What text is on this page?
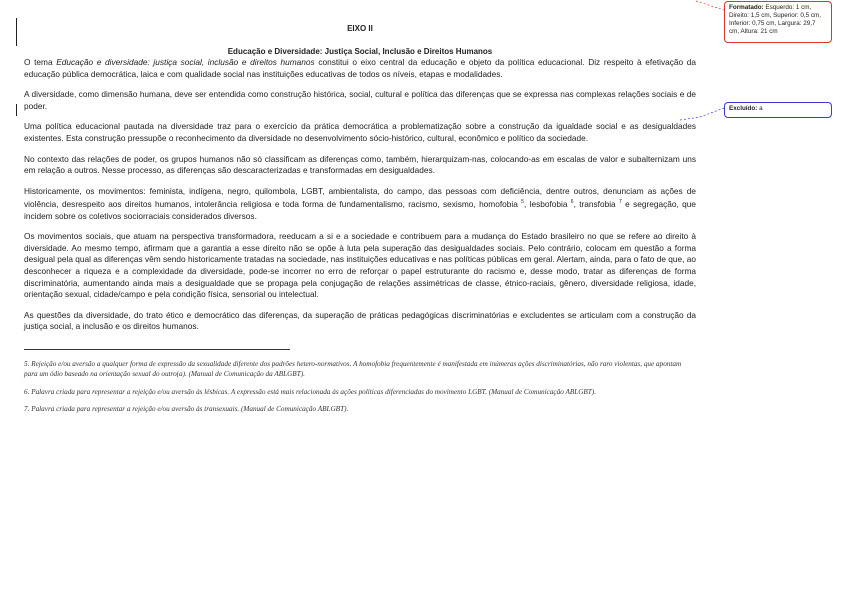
EIXO II
Educação e Diversidade: Justiça Social, Inclusão e Direitos Humanos

O tema Educação e diversidade: justiça social, inclusão e direitos humanos constitui o eixo central da educação e objeto da política educacional. Diz respeito à efetivação da educação pública democrática, laica e com qualidade social nas instituições educativas de todos os níveis, etapas e modalidades.

A diversidade, como dimensão humana, deve ser entendida como construção histórica, social, cultural e política das diferenças que se expressa nas complexas relações sociais e de poder.

Uma política educacional pautada na diversidade traz para o exercício da prática democrática a problematização sobre a construção da igualdade social e as desigualdades existentes. Esta construção pressupõe o reconhecimento da diversidade no desenvolvimento sócio-histórico, cultural, econômico e político da sociedade.

No contexto das relações de poder, os grupos humanos não só classificam as diferenças como, também, hierarquizam-nas, colocando-as em escalas de valor e subalternizam uns em relação a outros. Nesse processo, as diferenças são descaracterizadas e transformadas em desigualdades.

Historicamente, os movimentos: feminista, indígena, negro, quilombola, LGBT, ambientalista, do campo, das pessoas com deficiência, dentre outros, denunciam as ações de violência, desrespeito aos direitos humanos, intolerância religiosa e toda forma de fundamentalismo, racismo, sexismo, homofobia $^5$, lesbofobia $^6$, transfobia $^7$ e segregação, que incidem sobre os coletivos sociorraciais considerados diversos.

Os movimentos sociais, que atuam na perspectiva transformadora, reeducam a si e a sociedade e contribuem para a mudança do Estado brasileiro no que se refere ao direito à diversidade. Ao mesmo tempo, afirmam que a garantia a esse direito não se opõe à luta pela superação das desigualdades sociais. Pelo contrário, colocam em questão a forma desigual pela qual as diferenças vêm sendo historicamente tratadas na sociedade, nas instituições educativas e nas políticas públicas em geral. Alertam, ainda, para o fato de que, ao desconhecer a riqueza e a complexidade da diversidade, pode-se incorrer no erro de reforçar o papel estruturante do racismo e, desse modo, tratar as diferenças de forma discriminatória, aumentando ainda mais a desigualdade que se propaga pela conjugação de relações assimétricas de classe, étnico-raciais, gênero, diversidade religiosa, idade, orientação sexual, cidade/campo e pela condição física, sensorial ou intelectual.

As questões da diversidade, do trato ético e democrático das diferenças, da superação de práticas pedagógicas discriminatórias e excludentes se articulam com a construção da justiça social, a inclusão e os direitos humanos.

5. Rejeição e/ou aversão a qualquer forma de expressão da sexualidade diferente dos padrões hetero-normativos. A homofobia frequentemente é manifestada em inúmeras ações discriminatórias, não raro violentas, que apontam para um ódio baseado na orientação sexual do outro(a). (Manual de Comunicação da ABLGBT).

6. Palavra criada para representar a rejeição e/ou aversão às lésbicas. A expressão está mais relacionada às ações políticas diferenciadas do movimento LGBT. (Manual de Comunicação ABLGBT).

7. Palavra criada para representar a rejeição e/ou aversão às transexuais. (Manual de Comunicação ABLGBT).

Formatado: Esquerdo: 1 cm, Direito: 1,5 cm, Superior: 0,5 cm, Inferior: 0,75 cm, Largura: 29,7 cm, Altura: 21 cm
Excluído: a
